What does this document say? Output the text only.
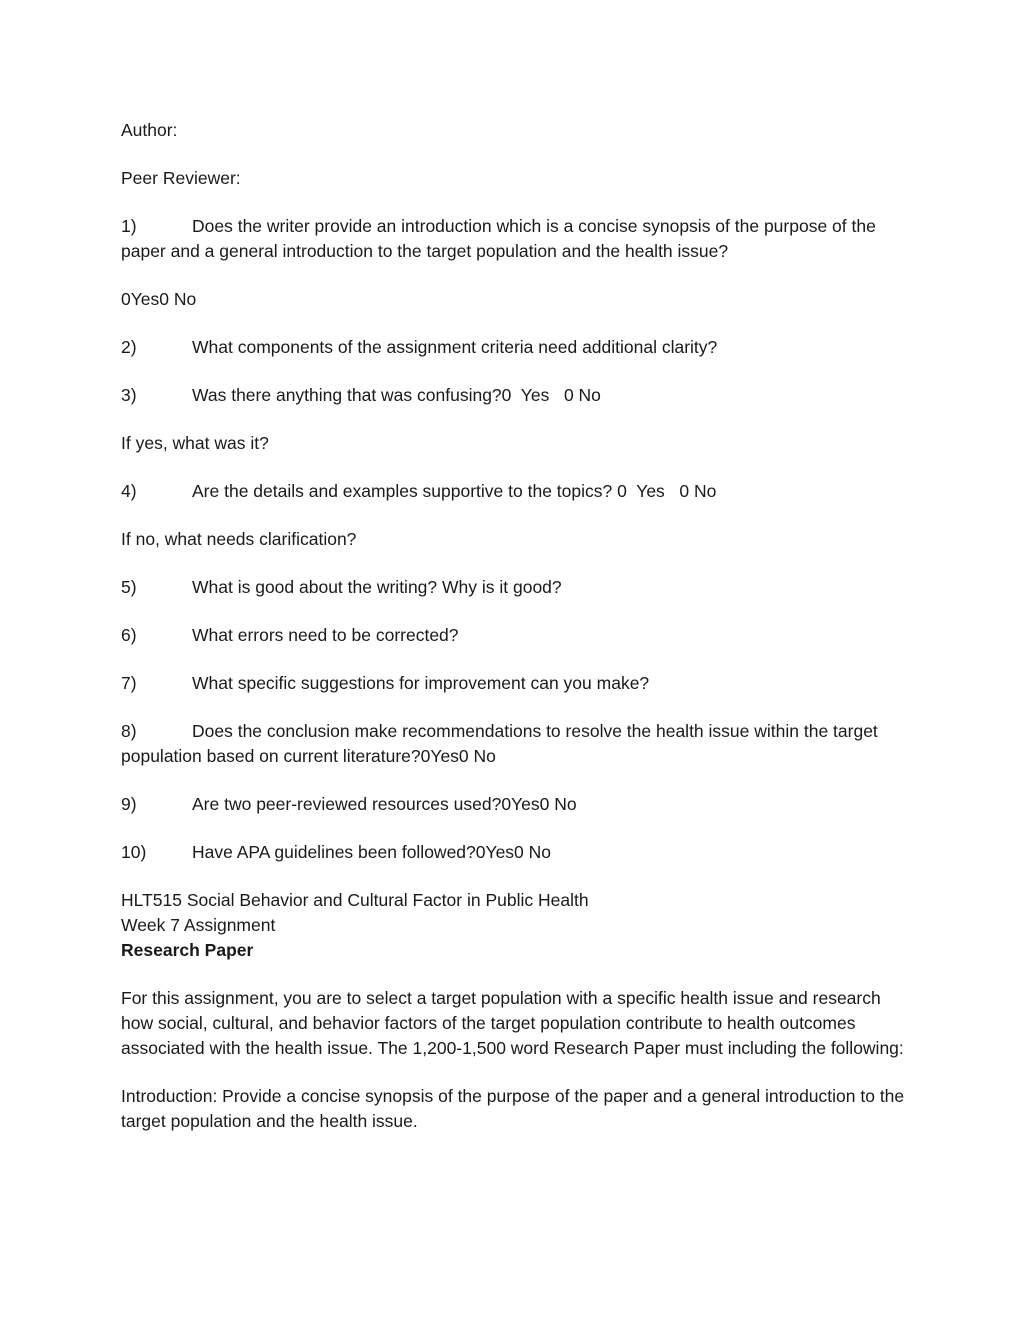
Author:

Peer Reviewer:

1)	Does the writer provide an introduction which is a concise synopsis of the purpose of the paper and a general introduction to the target population and the health issue?

0Yes0 No

2)	What components of the assignment criteria need additional clarity?
3)	Was there anything that was confusing?0  Yes   0 No

If yes, what was it?

4)	Are the details and examples supportive to the topics? 0  Yes   0 No

If no, what needs clarification?

5)	What is good about the writing? Why is it good?
6)	What errors need to be corrected?
7)	What specific suggestions for improvement can you make?
8)	Does the conclusion make recommendations to resolve the health issue within the target population based on current literature?0Yes0 No
9)	Are two peer-reviewed resources used?0Yes0 No
10)	Have APA guidelines been followed?0Yes0 No
HLT515 Social Behavior and Cultural Factor in Public Health
Week 7 Assignment
Research Paper

For this assignment, you are to select a target population with a specific health issue and research how social, cultural, and behavior factors of the target population contribute to health outcomes associated with the health issue. The 1,200-1,500 word Research Paper must including the following:

Introduction: Provide a concise synopsis of the purpose of the paper and a general introduction to the target population and the health issue.
